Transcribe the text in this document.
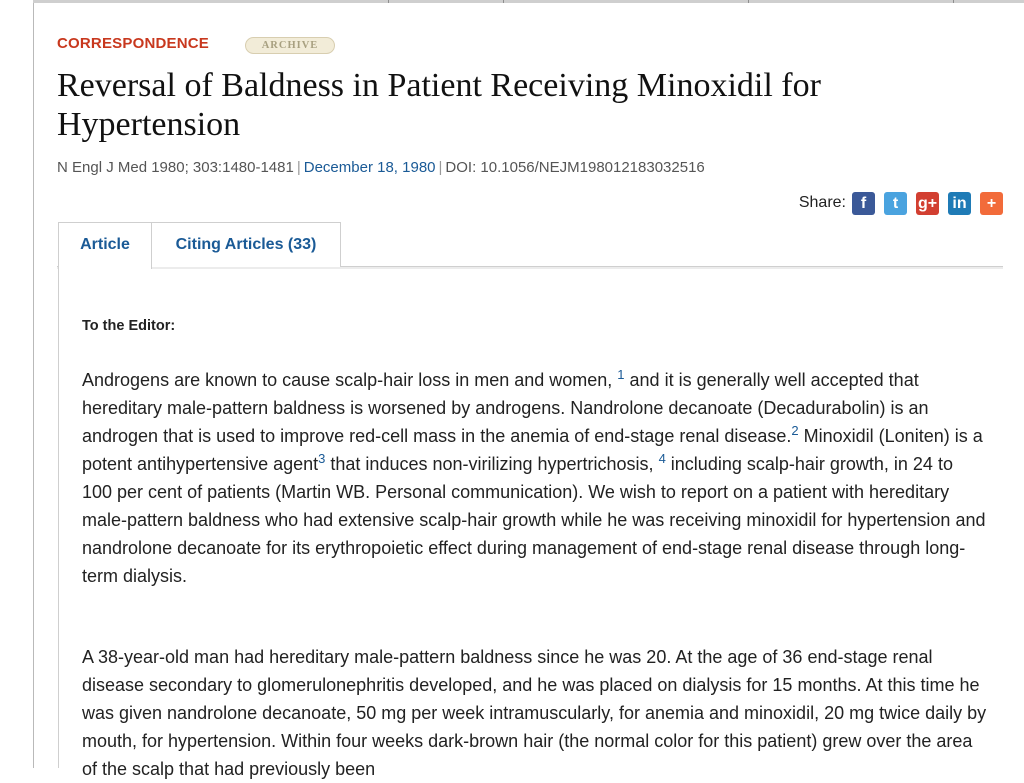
CORRESPONDENCE	ARCHIVE
Reversal of Baldness in Patient Receiving Minoxidil for Hypertension
N Engl J Med 1980; 303:1480-1481 | December 18, 1980 | DOI: 10.1056/NEJM198012183032516
Share: f	t	g+ in	+
Article	Citing Articles (33)
To the Editor:

Androgens are known to cause scalp-hair loss in men and women, $^1$ and it is generally well accepted that hereditary male-pattern baldness is worsened by androgens. Nandrolone decanoate (Decadurabolin) is an androgen that is used to improve red-cell mass in the anemia of end-stage renal disease.$^2$ Minoxidil (Loniten) is a potent antihypertensive agent$^3$ that induces non-virilizing hypertrichosis, $^4$ including scalp-hair growth, in 24 to 100 per cent of patients (Martin WB. Personal communication). We wish to report on a patient with hereditary male-pattern baldness who had extensive scalp-hair growth while he was receiving minoxidil for hypertension and nandrolone decanoate for its erythropoietic effect during management of end-stage renal disease through long-term dialysis.

A 38-year-old man had hereditary male-pattern baldness since he was 20. At the age of 36 end-stage renal disease secondary to glomerulonephritis developed, and he was placed on dialysis for 15 months. At this time he was given nandrolone decanoate, 50 mg per week intramuscularly, for anemia and minoxidil, 20 mg twice daily by mouth, for hypertension. Within four weeks dark-brown hair (the normal color for this patient) grew over the area of the scalp that had previously been
